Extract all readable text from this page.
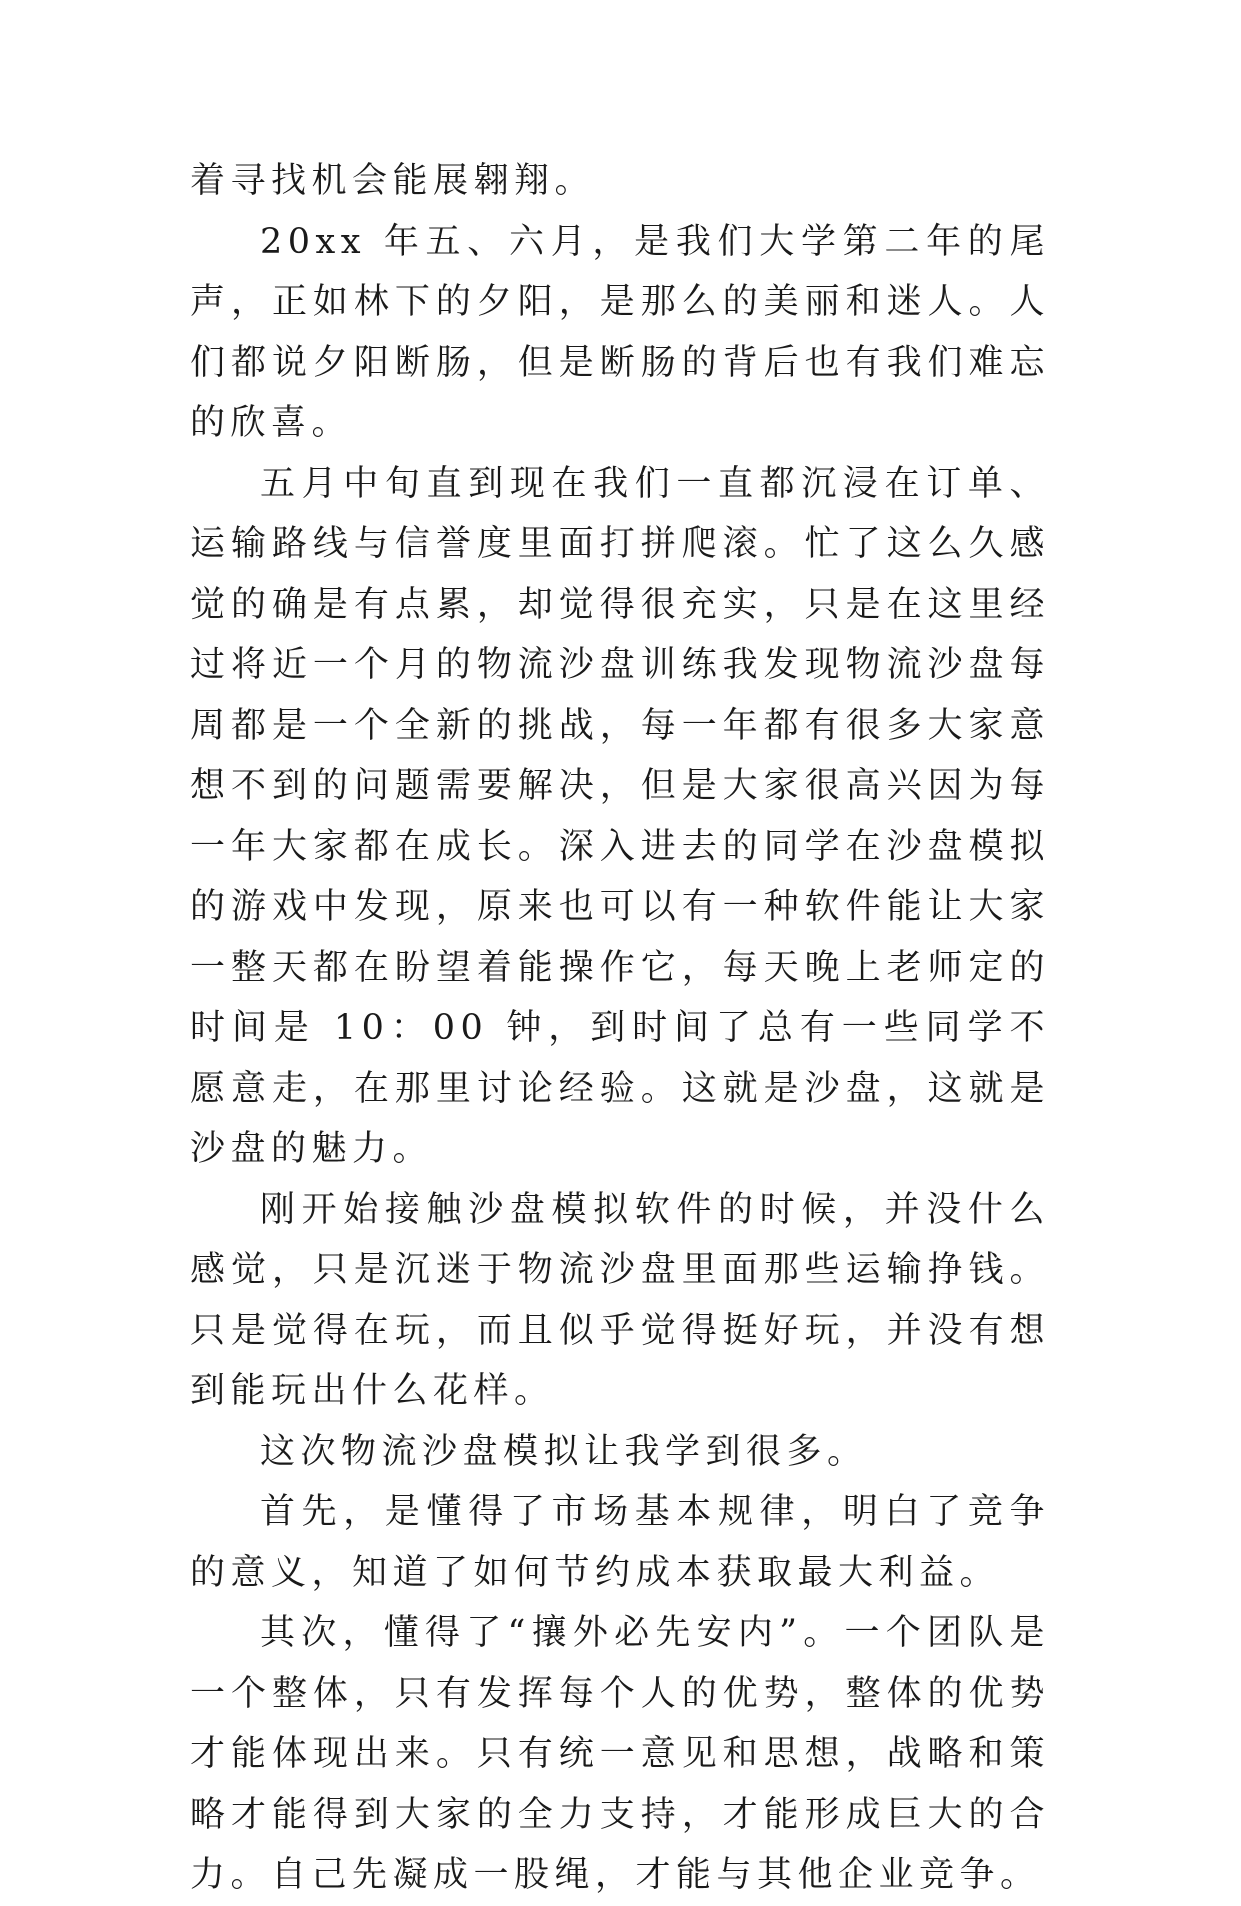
着寻找机会能展翱翔。

20xx 年五、六月，是我们大学第二年的尾声，正如林下的夕阳，是那么的美丽和迷人。人们都说夕阳断肠，但是断肠的背后也有我们难忘的欣喜。

五月中旬直到现在我们一直都沉浸在订单、运输路线与信誉度里面打拼爬滚。忙了这么久感觉的确是有点累，却觉得很充实，只是在这里经过将近一个月的物流沙盘训练我发现物流沙盘每周都是一个全新的挑战，每一年都有很多大家意想不到的问题需要解决，但是大家很高兴因为每一年大家都在成长。深入进去的同学在沙盘模拟的游戏中发现，原来也可以有一种软件能让大家一整天都在盼望着能操作它，每天晚上老师定的时间是 10：00 钟，到时间了总有一些同学不愿意走，在那里讨论经验。这就是沙盘，这就是沙盘的魅力。

刚开始接触沙盘模拟软件的时候，并没什么感觉，只是沉迷于物流沙盘里面那些运输挣钱。只是觉得在玩，而且似乎觉得挺好玩，并没有想到能玩出什么花样。

这次物流沙盘模拟让我学到很多。

首先，是懂得了市场基本规律，明白了竞争的意义，知道了如何节约成本获取最大利益。

其次，懂得了“攘外必先安内”。一个团队是一个整体，只有发挥每个人的优势，整体的优势才能体现出来。只有统一意见和思想，战略和策略才能得到大家的全力支持，才能形成巨大的合力。自己先凝成一股绳，才能与其他企业竞争。
